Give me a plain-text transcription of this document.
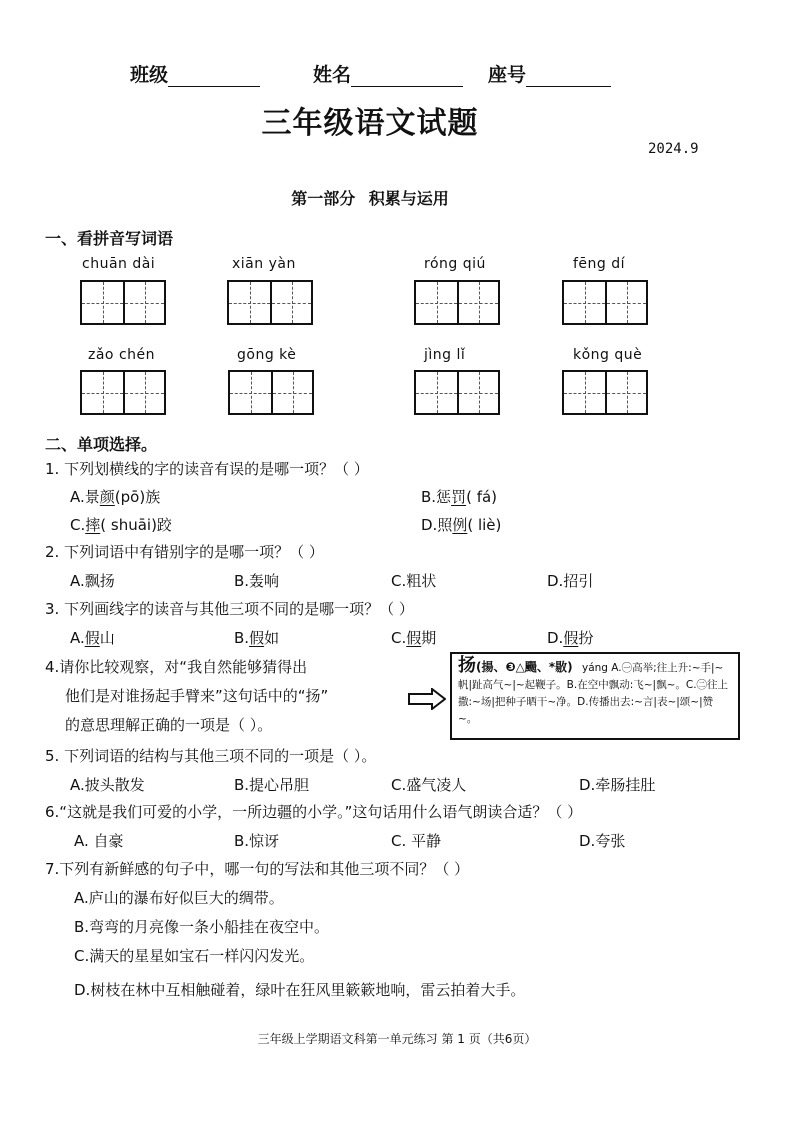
班级	姓名	座号
三年级语文试题
2024.9
第一部分 积累与运用
一、看拼音写词语
chuān dài	xiān yàn	róng qiú	fēng dí
zǎo chén	gōng kè	jìng lǐ	kǒng què
二、单项选择。
1. 下列划横线的字的读音有误的是哪一项？（ ）
A.景颜(pō)族	B.惩罚( fá)
C.摔( shuāi)跤	D.照例( liè)
2. 下列词语中有错别字的是哪一项？（ ）
A.飘扬	B.轰响	C.粗状	D.招引
3. 下列画线字的读音与其他三项不同的是哪一项？（ ）
A.假山	B.假如	C.假期	D.假扮
4.请你比较观察，对“我自然能够猜得出
他们是对谁扬起手臂来”这句话中的“扬”
的意思理解正确的一项是（ ）。
扬(揚、❸△颺、*敭) yáng A.㊀高举;往上升:~手|~帆|趾高气~|~起鞭子。B.在空中飘动:飞~|飘~。C.㊁往上撒:~场|把种子晒干~净。D.传播出去:~言|表~|颂~|赞~。
5. 下列词语的结构与其他三项不同的一项是（ ）。
A.披头散发	B.提心吊胆	C.盛气凌人	D.牵肠挂肚
6.“这就是我们可爱的小学，一所边疆的小学。”这句话用什么语气朗读合适？（ ）
A. 自豪	B.惊讶	C. 平静	D.夸张
7.下列有新鲜感的句子中，哪一句的写法和其他三项不同？（ ）
A.庐山的瀑布好似巨大的绸带。
B.弯弯的月亮像一条小船挂在夜空中。
C.满天的星星如宝石一样闪闪发光。
D.树枝在林中互相触碰着，绿叶在狂风里簌簌地响，雷云拍着大手。
三年级上学期语文科第一单元练习 第 1 页（共6页）
